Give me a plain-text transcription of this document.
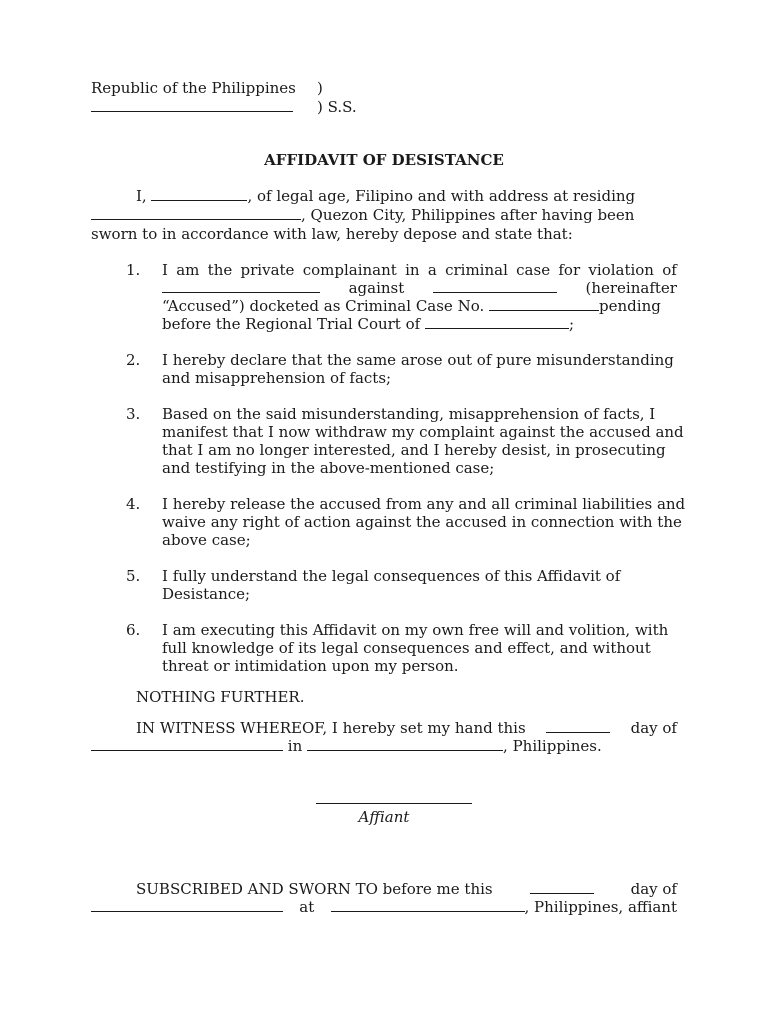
Republic of the Philippines )
) S.S.
AFFIDAVIT OF DESISTANCE
I,	, of legal age, Filipino and with address at residing
, Quezon City, Philippines after having been
sworn to in accordance with law, hereby depose and state that:
1. I am the private complainant in a criminal case for violation of
against	(hereinafter
“Accused”) docketed as Criminal Case No.	pending
before the Regional Trial Court of	;
2. I hereby declare that the same arose out of pure misunderstanding
and misapprehension of facts;
3. Based on the said misunderstanding, misapprehension of facts, I
manifest that I now withdraw my complaint against the accused and
that I am no longer interested, and I hereby desist, in prosecuting
and testifying in the above-mentioned case;
4. I hereby release the accused from any and all criminal liabilities and
waive any right of action against the accused in connection with the
above case;
5. I fully understand the legal consequences of this Affidavit of
Desistance;
6. I am executing this Affidavit on my own free will and volition, with
full knowledge of its legal consequences and effect, and without
threat or intimidation upon my person.
NOTHING FURTHER.
IN WITNESS WHEREOF, I hereby set my hand this	day of
in	, Philippines.
Affiant
SUBSCRIBED AND SWORN TO before me this	day of
at	, Philippines, affiant
